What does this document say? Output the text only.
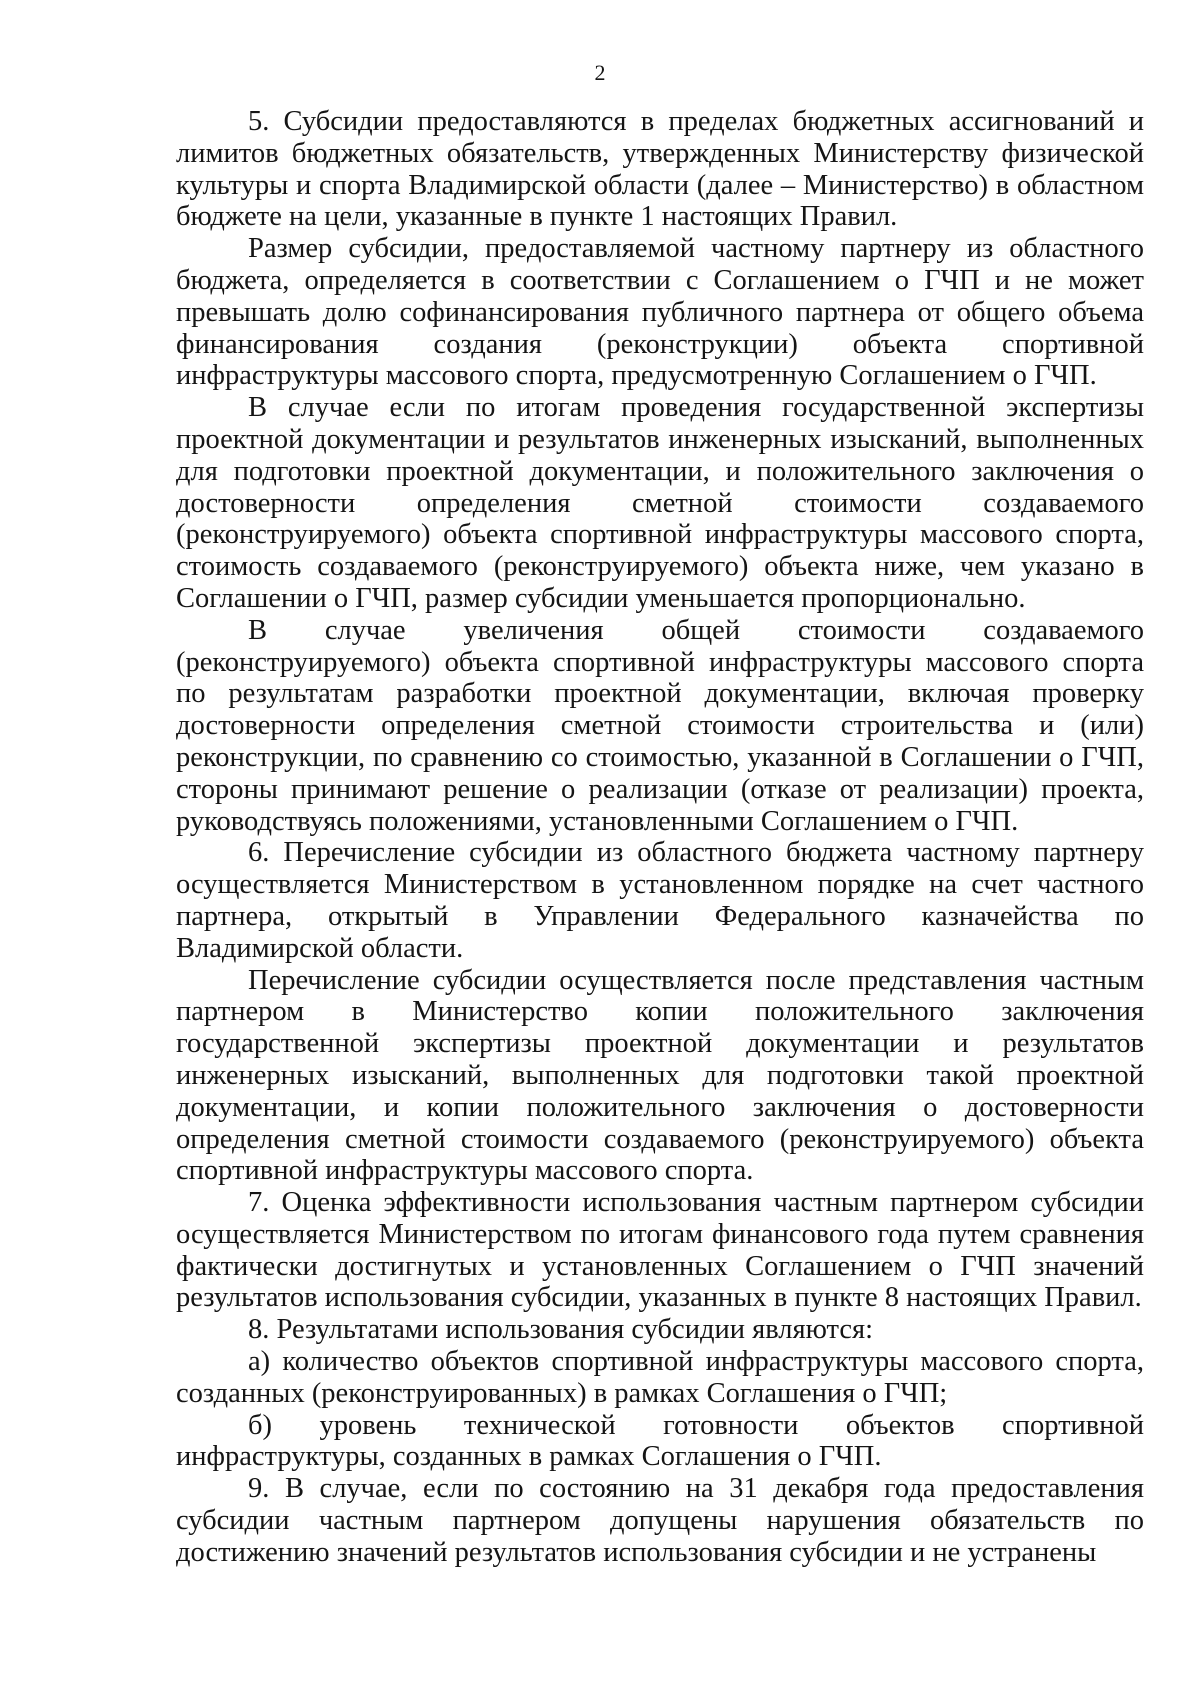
2

5. Субсидии предоставляются в пределах бюджетных ассигнований и лимитов бюджетных обязательств, утвержденных Министерству физической культуры и спорта Владимирской области (далее – Министерство) в областном бюджете на цели, указанные в пункте 1 настоящих Правил.

Размер субсидии, предоставляемой частному партнеру из областного бюджета, определяется в соответствии с Соглашением о ГЧП и не может превышать долю софинансирования публичного партнера от общего объема финансирования создания (реконструкции) объекта спортивной инфраструктуры массового спорта, предусмотренную Соглашением о ГЧП.

В случае если по итогам проведения государственной экспертизы проектной документации и результатов инженерных изысканий, выполненных для подготовки проектной документации, и положительного заключения о достоверности определения сметной стоимости создаваемого (реконструируемого) объекта спортивной инфраструктуры массового спорта, стоимость создаваемого (реконструируемого) объекта ниже, чем указано в Соглашении о ГЧП, размер субсидии уменьшается пропорционально.

В случае увеличения общей стоимости создаваемого (реконструируемого) объекта спортивной инфраструктуры массового спорта по результатам разработки проектной документации, включая проверку достоверности определения сметной стоимости строительства и (или) реконструкции, по сравнению со стоимостью, указанной в Соглашении о ГЧП, стороны принимают решение о реализации (отказе от реализации) проекта, руководствуясь положениями, установленными Соглашением о ГЧП.

6. Перечисление субсидии из областного бюджета частному партнеру осуществляется Министерством в установленном порядке на счет частного партнера, открытый в Управлении Федерального казначейства по Владимирской области.

Перечисление субсидии осуществляется после представления частным партнером в Министерство копии положительного заключения государственной экспертизы проектной документации и результатов инженерных изысканий, выполненных для подготовки такой проектной документации, и копии положительного заключения о достоверности определения сметной стоимости создаваемого (реконструируемого) объекта спортивной инфраструктуры массового спорта.

7. Оценка эффективности использования частным партнером субсидии осуществляется Министерством по итогам финансового года путем сравнения фактически достигнутых и установленных Соглашением о ГЧП значений результатов использования субсидии, указанных в пункте 8 настоящих Правил.

8. Результатами использования субсидии являются:

а) количество объектов спортивной инфраструктуры массового спорта, созданных (реконструированных) в рамках Соглашения о ГЧП;

б) уровень технической готовности объектов спортивной инфраструктуры, созданных в рамках Соглашения о ГЧП.

9. В случае, если по состоянию на 31 декабря года предоставления субсидии частным партнером допущены нарушения обязательств по достижению значений результатов использования субсидии и не устранены
